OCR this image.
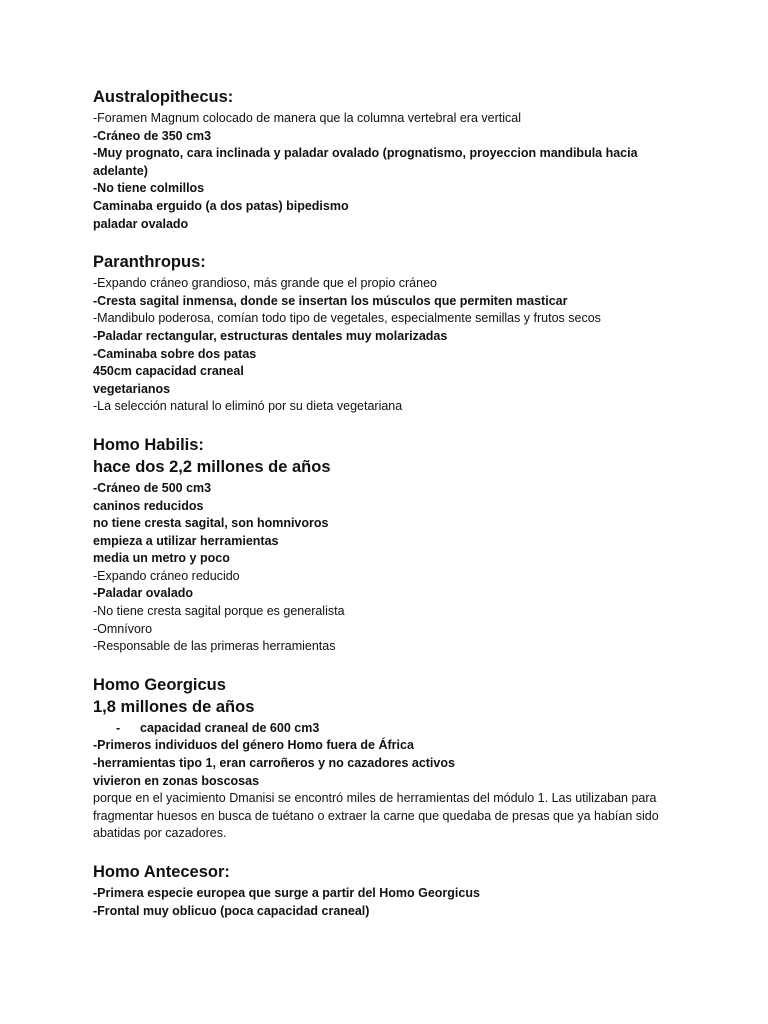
Australopithecus:

-Foramen Magnum colocado de manera que la columna vertebral era vertical

-Cráneo de 350 cm3

-Muy prognato, cara inclinada y paladar ovalado (prognatismo, proyeccion mandibula hacia adelante)

-No tiene colmillos

Caminaba erguido (a dos patas) bipedismo

paladar ovalado

Paranthropus:

-Expando cráneo grandioso, más grande que el propio cráneo

-Cresta sagital inmensa, donde se insertan los músculos que permiten masticar

-Mandibulo poderosa, comían todo tipo de vegetales, especialmente semillas y frutos secos

-Paladar rectangular, estructuras dentales muy molarizadas

-Caminaba sobre dos patas

450cm capacidad craneal

vegetarianos

-La selección natural lo eliminó por su dieta vegetariana

Homo Habilis:
hace dos 2,2 millones de años

-Cráneo de 500 cm3

caninos reducidos

no tiene cresta sagital, son homnivoros

empieza a utilizar herramientas

media un metro y poco

-Expando cráneo reducido

-Paladar ovalado

-No tiene cresta sagital porque es generalista

-Omnívoro

-Responsable de las primeras herramientas

Homo Georgicus
1,8 millones de años

- capacidad craneal de 600 cm3

-Primeros individuos del género Homo fuera de África

-herramientas tipo 1, eran carroñeros y no cazadores activos

vivieron en zonas boscosas

porque en el yacimiento Dmanisi se encontró miles de herramientas del módulo 1. Las utilizaban para fragmentar huesos en busca de tuétano o extraer la carne que quedaba de presas que ya habían sido abatidas por cazadores.

Homo Antecesor:

-Primera especie europea que surge a partir del Homo Georgicus

-Frontal muy oblicuo (poca capacidad craneal)
